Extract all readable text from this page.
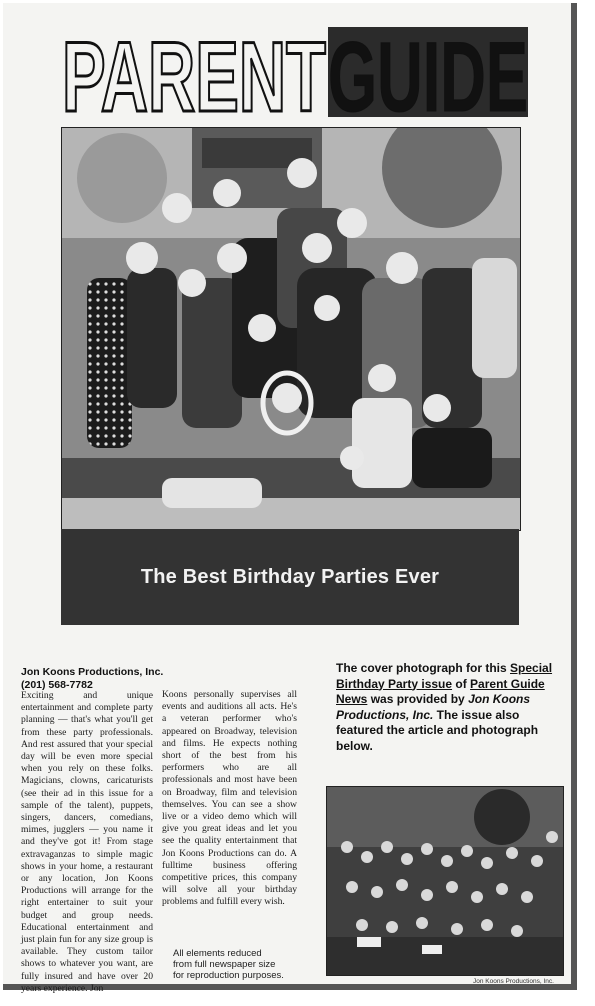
PARENT GUIDE
The Best Birthday Parties Ever
Jon Koons Productions, Inc.
(201) 568-7782
Exciting and unique entertainment and complete party planning — that's what you'll get from these party professionals. And rest assured that your special day will be even more special when you rely on these folks. Magicians, clowns, caricaturists (see their ad in this issue for a sample of the talent), puppets, singers, dancers, comedians, mimes, jugglers — you name it and they've got it! From stage extravaganzas to simple magic shows in your home, a restaurant or any location, Jon Koons Productions will arrange for the right entertainer to suit your budget and group needs. Educational entertainment and just plain fun for any size group is available. They custom tailor shows to whatever you want, are fully insured and have over 20 years experience. Jon
Koons personally supervises all events and auditions all acts. He's a veteran performer who's appeared on Broadway, television and films. He expects nothing short of the best from his performers who are all professionals and most have been on Broadway, film and television themselves. You can see a show live or a video demo which will give you great ideas and let you see the quality entertainment that Jon Koons Productions can do. A fulltime business offering competitive prices, this company will solve all your birthday problems and fulfill every wish.
The cover photograph for this Special Birthday Party issue of Parent Guide News was provided by Jon Koons Productions, Inc. The issue also featured the article and photograph below.
All elements reduced
from full newspaper size
for reproduction purposes.
Jon Koons Productions, Inc.
